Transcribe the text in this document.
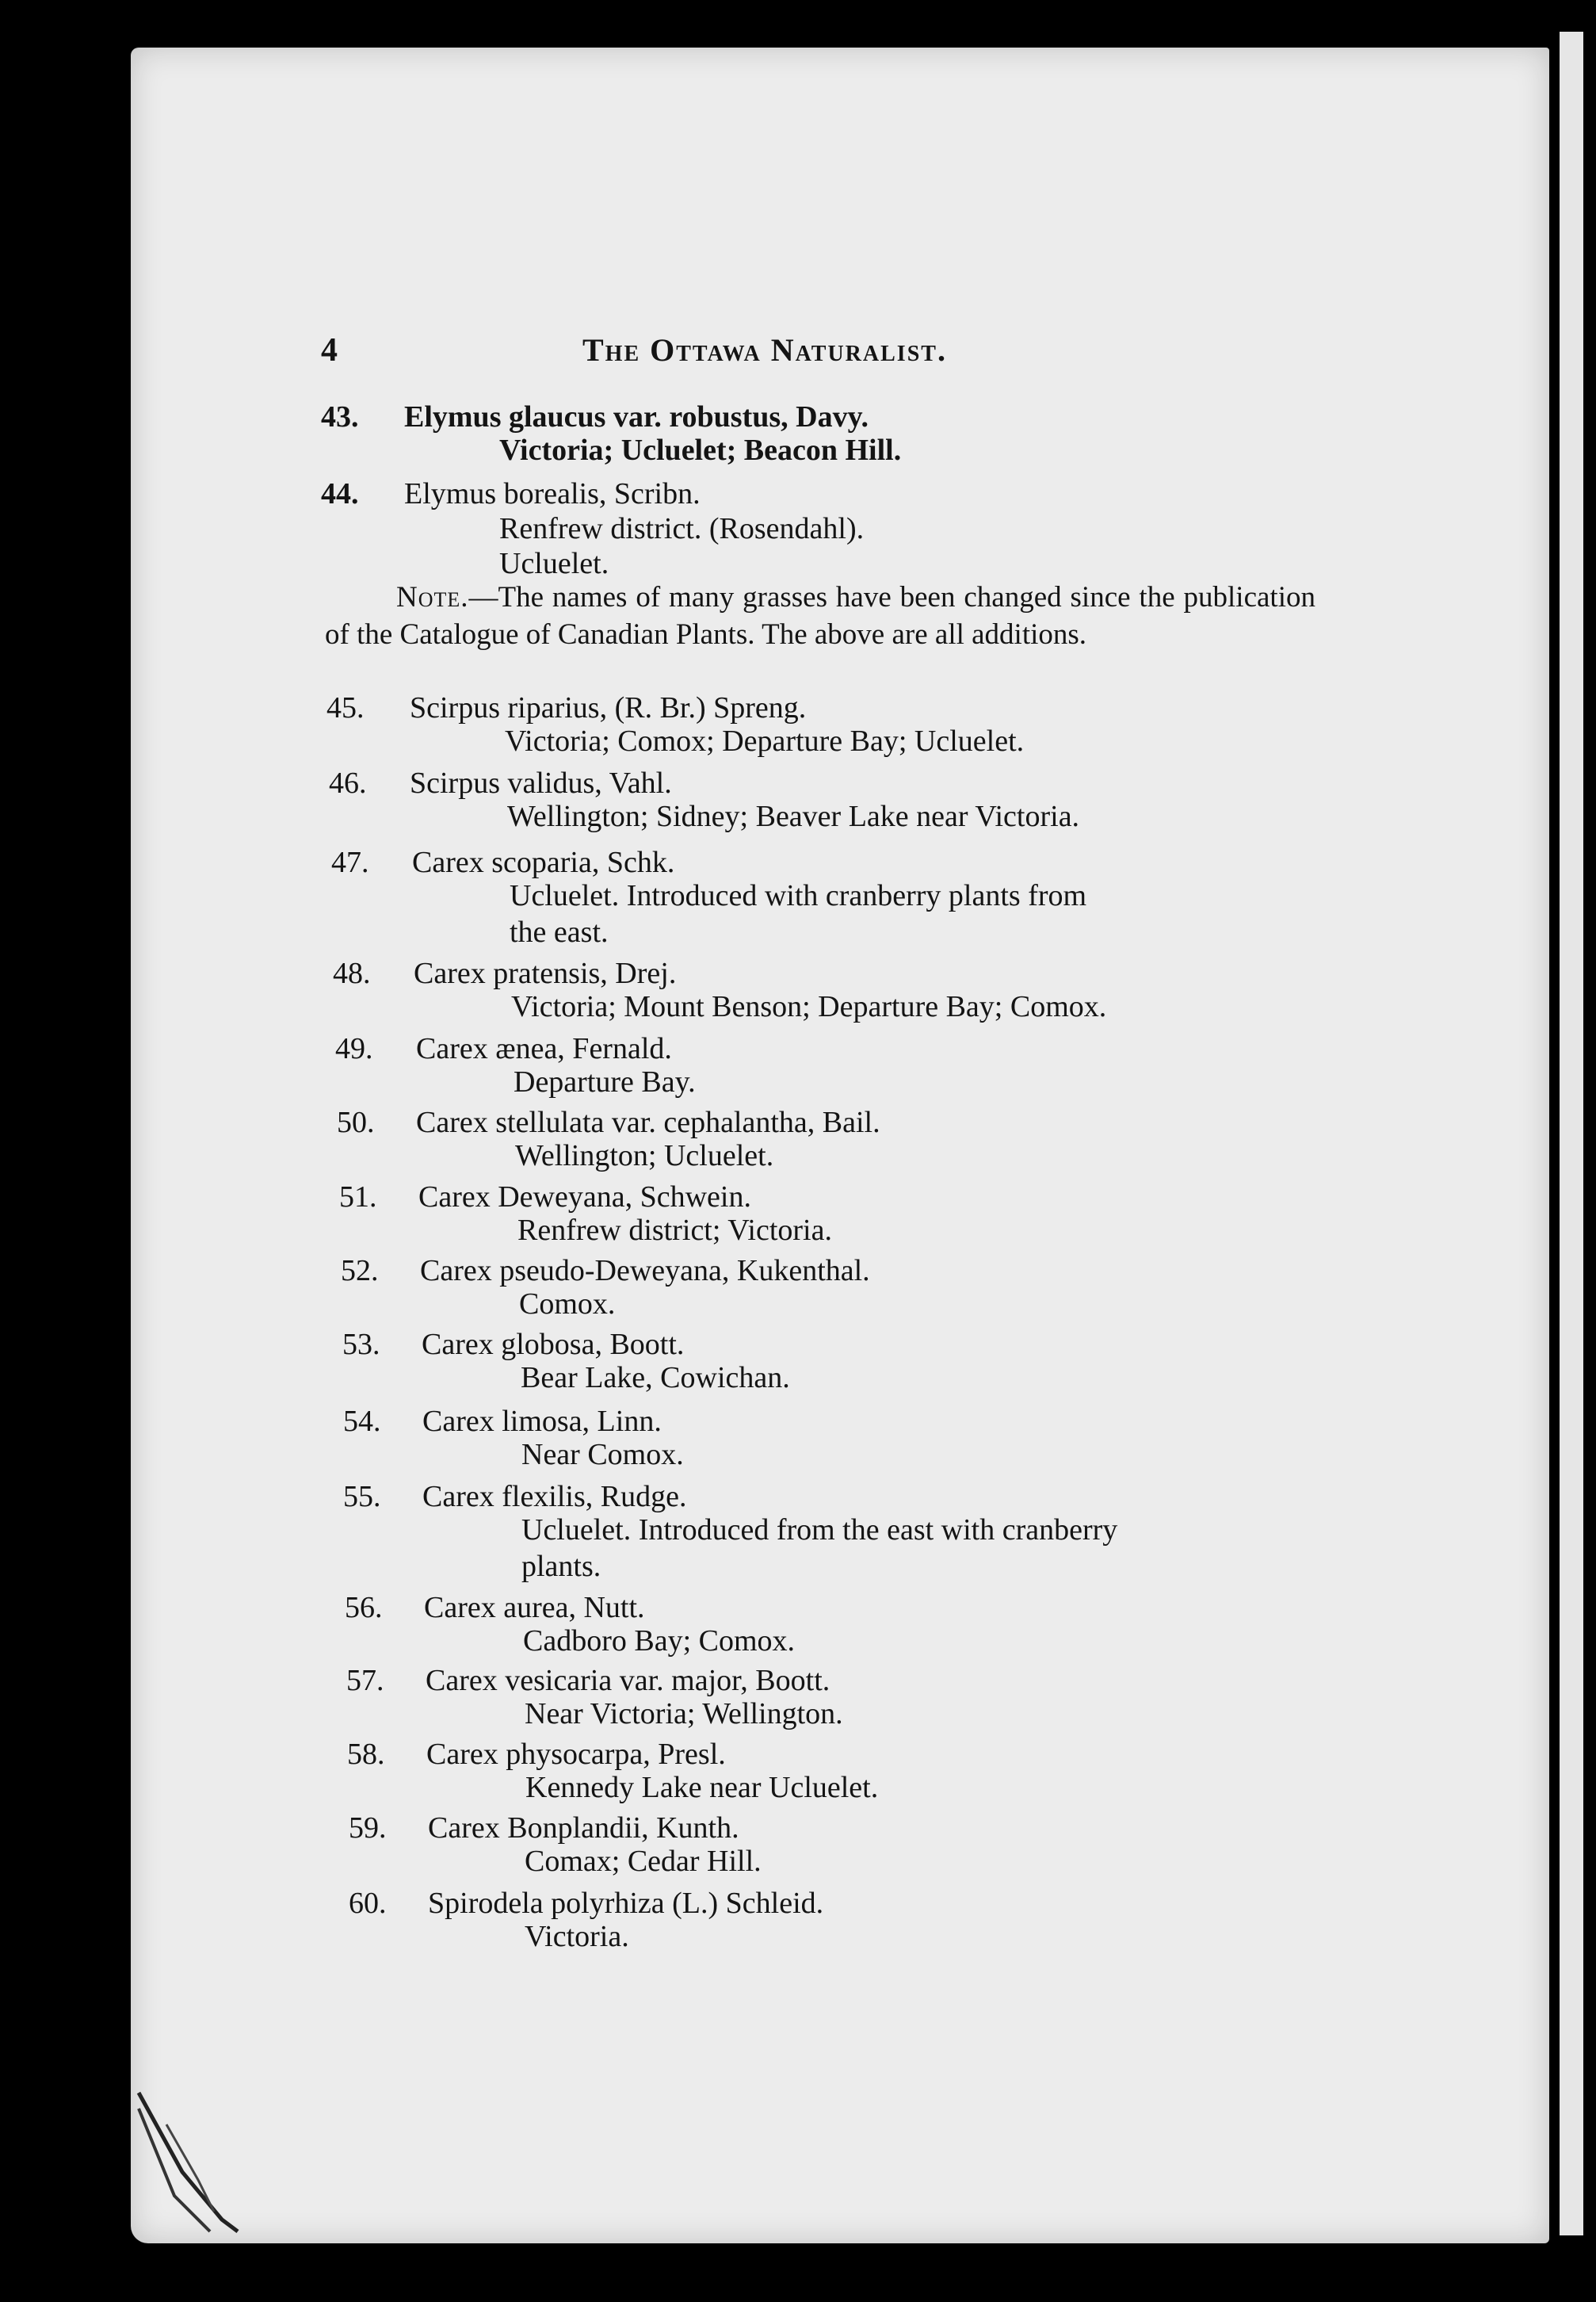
4	The Ottawa Naturalist.
43. Elymus glaucus var. robustus, Davy.
Victoria; Ucluelet; Beacon Hill.
44. Elymus borealis, Scribn.
Renfrew district. (Rosendahl).
Ucluelet.

Note.—The names of many grasses have been changed since the publication of the Catalogue of Canadian Plants. The above are all additions.

45. Scirpus riparius, (R. Br.) Spreng.
Victoria; Comox; Departure Bay; Ucluelet.
46. Scirpus validus, Vahl.
Wellington; Sidney; Beaver Lake near Victoria.
47. Carex scoparia, Schk.
Ucluelet. Introduced with cranberry plants from
the east.
48. Carex pratensis, Drej.
Victoria; Mount Benson; Departure Bay; Comox.
49. Carex ænea, Fernald.
Departure Bay.
50. Carex stellulata var. cephalantha, Bail.
Wellington; Ucluelet.
51. Carex Deweyana, Schwein.
Renfrew district; Victoria.
52. Carex pseudo-Deweyana, Kukenthal.
Comox.
53. Carex globosa, Boott.
Bear Lake, Cowichan.
54. Carex limosa, Linn.
Near Comox.
55. Carex flexilis, Rudge.
Ucluelet. Introduced from the east with cranberry
plants.
56. Carex aurea, Nutt.
Cadboro Bay; Comox.
57. Carex vesicaria var. major, Boott.
Near Victoria; Wellington.
58. Carex physocarpa, Presl.
Kennedy Lake near Ucluelet.
59. Carex Bonplandii, Kunth.
Comax; Cedar Hill.
60. Spirodela polyrhiza (L.) Schleid.
Victoria.
